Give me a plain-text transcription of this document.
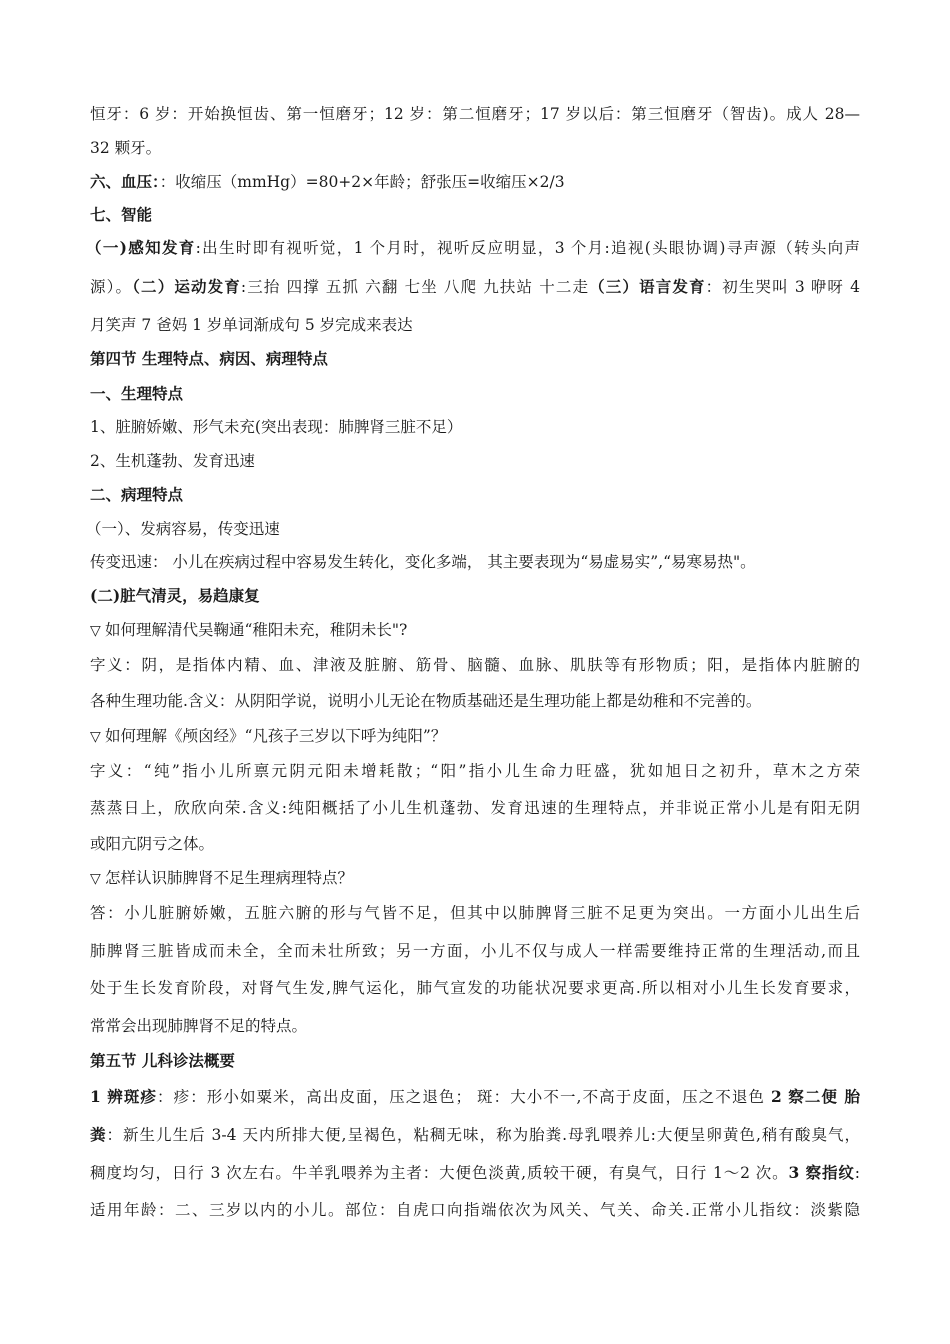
恒牙：6 岁：开始换恒齿、第一恒磨牙；12 岁：第二恒磨牙；17 岁以后：第三恒磨牙（智齿)。成人 28—
32 颗牙。
六、血压：：收缩压（mmHg）=80+2×年龄；舒张压=收缩压×2/3
七、智能
（一)感知发育:出生时即有视听觉，1 个月时，视听反应明显，3 个月:追视(头眼协调)寻声源（转头向声
源）。（二）运动发育:三抬 四撑 五抓 六翻 七坐 八爬 九扶站 十二走（三）语言发育：初生哭叫 3 咿呀 4
月笑声 7 爸妈 1 岁单词渐成句 5 岁完成来表达
第四节 生理特点、病因、病理特点
一、生理特点
1、脏腑娇嫩、形气未充(突出表现：肺脾肾三脏不足）
2、生机蓬勃、发育迅速
二、病理特点
（一）、发病容易，传变迅速
传变迅速： 小儿在疾病过程中容易发生转化，变化多端， 其主要表现为“易虚易实”,“易寒易热"。
(二)脏气清灵，易趋康复
▽ 如何理解清代吴鞠通“稚阳未充，稚阴未长"?
字义：阴，是指体内精、血、津液及脏腑、筋骨、脑髓、血脉、肌肤等有形物质；阳，是指体内脏腑的
各种生理功能.含义：从阴阳学说，说明小儿无论在物质基础还是生理功能上都是幼稚和不完善的。
▽ 如何理解《颅囟经》“凡孩子三岁以下呼为纯阳”？
字义：“纯”指小儿所禀元阴元阳未增耗散；“阳”指小儿生命力旺盛，犹如旭日之初升，草木之方荣
蒸蒸日上，欣欣向荣.含义:纯阳概括了小儿生机蓬勃、发育迅速的生理特点，并非说正常小儿是有阳无阴
或阳亢阴亏之体。
▽ 怎样认识肺脾肾不足生理病理特点？
答：小儿脏腑娇嫩，五脏六腑的形与气皆不足，但其中以肺脾肾三脏不足更为突出。一方面小儿出生后
肺脾肾三脏皆成而未全，全而未壮所致；另一方面，小儿不仅与成人一样需要维持正常的生理活动,而且
处于生长发育阶段，对肾气生发,脾气运化，肺气宣发的功能状况要求更高.所以相对小儿生长发育要求，
常常会出现肺脾肾不足的特点。
第五节 儿科诊法概要
1 辨斑疹：疹：形小如粟米，高出皮面，压之退色； 斑：大小不一,不高于皮面，压之不退色 2 察二便 胎
粪：新生儿生后 3-4 天内所排大便,呈褐色，粘稠无味，称为胎粪.母乳喂养儿:大便呈卵黄色,稍有酸臭气，
稠度均匀，日行 3 次左右。牛羊乳喂养为主者：大便色淡黄,质较干硬，有臭气，日行 1～2 次。3 察指纹:
适用年龄：二、三岁以内的小儿。部位：自虎口向指端依次为风关、气关、命关.正常小儿指纹：淡紫隐
